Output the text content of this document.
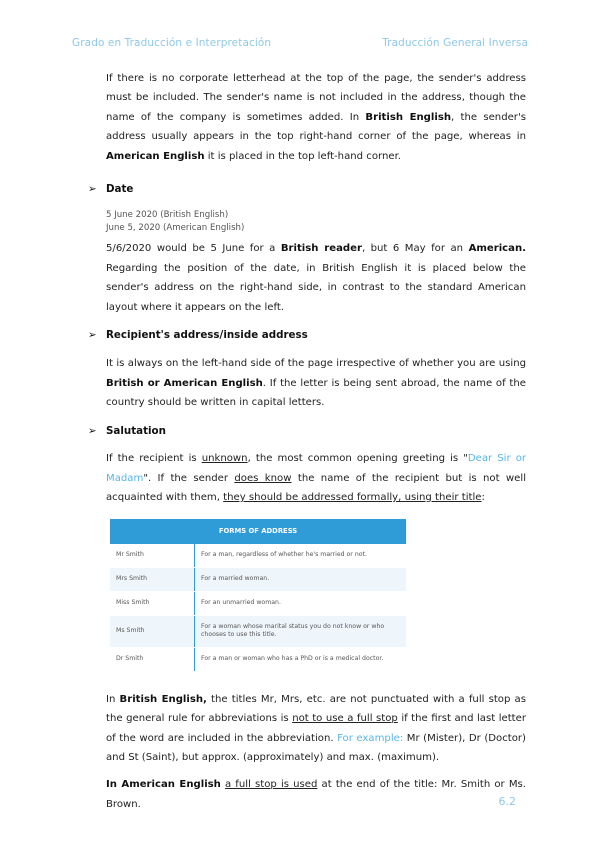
Grado en Traducción e Interpretación	Traducción General Inversa

If there is no corporate letterhead at the top of the page, the sender's address must be included. The sender's name is not included in the address, though the name of the company is sometimes added. In British English, the sender's address usually appears in the top right-hand corner of the page, whereas in American English it is placed in the top left-hand corner.

➢ Date

5 June 2020 (British English)

June 5, 2020 (American English)

5/6/2020 would be 5 June for a British reader, but 6 May for an American. Regarding the position of the date, in British English it is placed below the sender's address on the right-hand side, in contrast to the standard American layout where it appears on the left.

➢ Recipient's address/inside address

It is always on the left-hand side of the page irrespective of whether you are using British or American English. If the letter is being sent abroad, the name of the country should be written in capital letters.

➢ Salutation

If the recipient is unknown, the most common opening greeting is "Dear Sir or Madam". If the sender does know the name of the recipient but is not well acquainted with them, they should be addressed formally, using their title:

FORMS OF ADDRESS	
Mr Smith	For a man, regardless of whether he's married or not.
Mrs Smith	For a married woman.
Miss Smith	For an unmarried woman.
Ms Smith	For a woman whose marital status you do not know or who chooses to use this title.
Dr Smith	For a man or woman who has a PhD or is a medical doctor.

In British English, the titles Mr, Mrs, etc. are not punctuated with a full stop as the general rule for abbreviations is not to use a full stop if the first and last letter of the word are included in the abbreviation. For example: Mr (Mister), Dr (Doctor) and St (Saint), but approx. (approximately) and max. (maximum).

In American English a full stop is used at the end of the title: Mr. Smith or Ms. Brown.	6.2
